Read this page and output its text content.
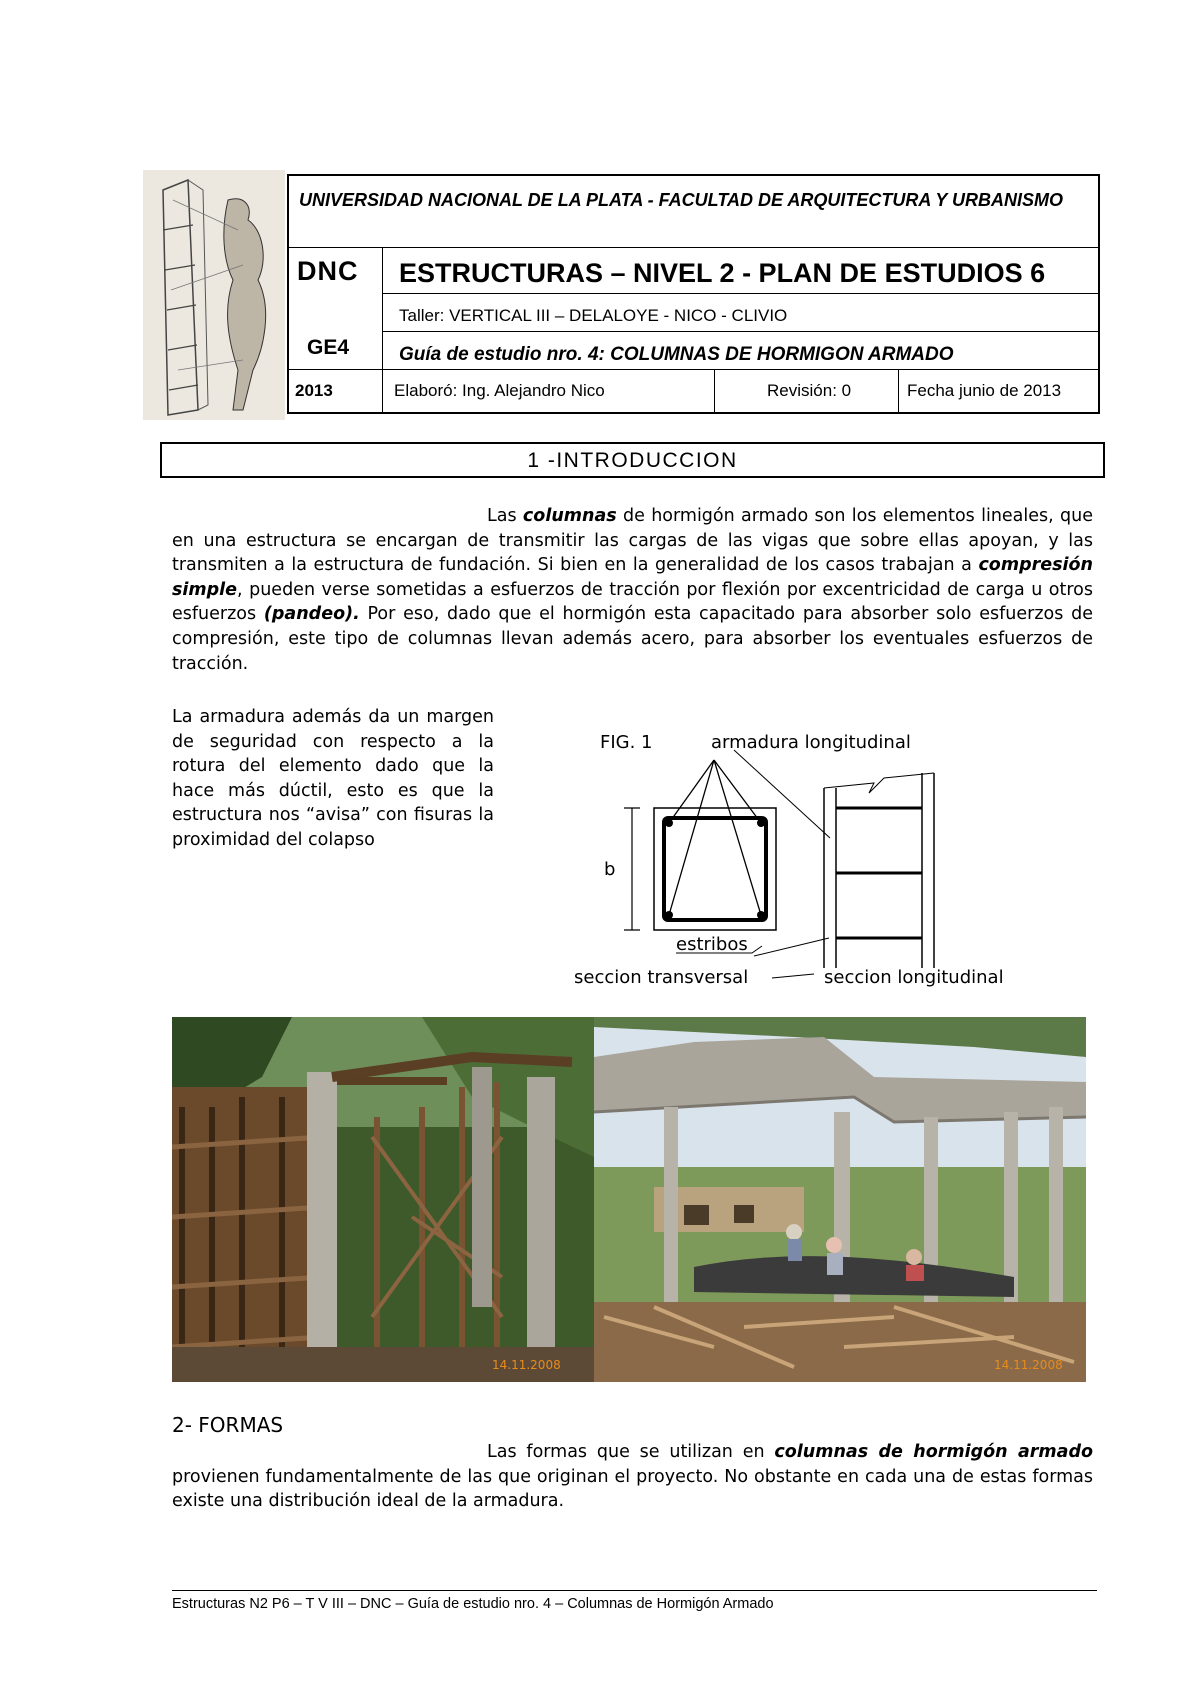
UNIVERSIDAD NACIONAL DE LA PLATA - FACULTAD DE ARQUITECTURA Y URBANISMO
DNC ESTRUCTURAS – NIVEL 2 - PLAN DE ESTUDIOS 6
Taller: VERTICAL III – DELALOYE - NICO - CLIVIO
GE4	Guía de estudio nro. 4: COLUMNAS DE HORMIGON ARMADO
2013	Elaboró: Ing. Alejandro Nico	Revisión: 0	Fecha junio de 2013
1 -INTRODUCCION
Las columnas de hormigón armado son los elementos lineales, que en una estructura se encargan de transmitir las cargas de las vigas que sobre ellas apoyan, y las transmiten a la estructura de fundación. Si bien en la generalidad de los casos trabajan a compresión simple, pueden verse sometidas a esfuerzos de tracción por flexión por excentricidad de carga u otros esfuerzos (pandeo). Por eso, dado que el hormigón esta capacitado para absorber solo esfuerzos de compresión, este tipo de columnas llevan además acero, para absorber los eventuales esfuerzos de tracción.
La armadura además da un margen de seguridad con respecto a la rotura del elemento dado que la hace más dúctil, esto es que la estructura nos “avisa” con fisuras la proximidad del colapso
FIG. 1	armadura longitudinal
b
estribos
seccion transversal	seccion longitudinal
14.11.2008	14.11.2008
2- FORMAS
Las formas que se utilizan en columnas de hormigón armado provienen fundamentalmente de las que originan el proyecto. No obstante en cada una de estas formas existe una distribución ideal de la armadura.
Estructuras N2 P6 – T V III – DNC – Guía de estudio nro. 4 – Columnas de Hormigón Armado
